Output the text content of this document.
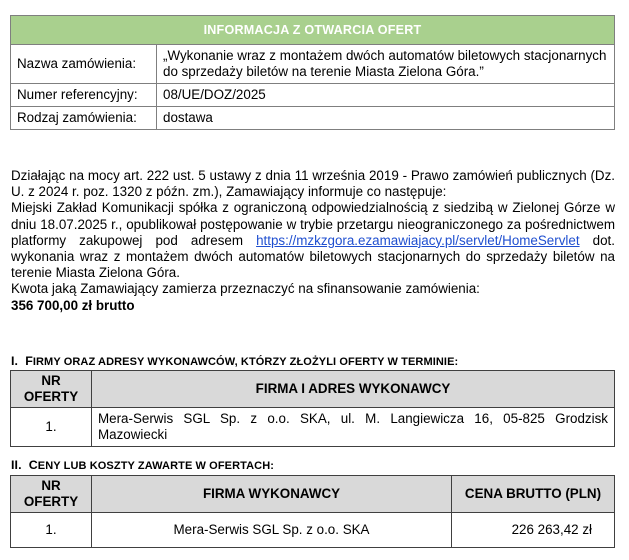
INFORMACJA Z OTWARCIA OFERT	
Nazwa zamówienia:	„Wykonanie wraz z montażem dwóch automatów biletowych stacjonarnych do sprzedaży biletów na terenie Miasta Zielona Góra.”
Numer referencyjny:	08/UE/DOZ/2025
Rodzaj zamówienia:	dostawa

Działając na mocy art. 222 ust. 5 ustawy z dnia 11 września 2019 - Prawo zamówień publicznych (Dz. U. z 2024 r. poz. 1320 z późn. zm.), Zamawiający informuje co następuje:

Miejski Zakład Komunikacji spółka z ograniczoną odpowiedzialnością z siedzibą w Zielonej Górze w dniu 18.07.2025 r., opublikował postępowanie w trybie przetargu nieograniczonego za pośrednictwem platformy zakupowej pod adresem https://mzkzgora.ezamawiajacy.pl/servlet/HomeServlet dot. wykonania wraz z montażem dwóch automatów biletowych stacjonarnych do sprzedaży biletów na terenie Miasta Zielona Góra.

Kwota jaką Zamawiający zamierza przeznaczyć na sfinansowanie zamówienia:

356 700,00 zł brutto

I. FIRMY ORAZ ADRESY WYKONAWCÓW, KTÓRZY ZŁOŻYLI OFERTY W TERMINIE:
NR OFERTY	FIRMA I ADRES WYKONAWCY
1.	Mera-Serwis SGL Sp. z o.o. SKA, ul. M. Langiewicza 16, 05-825 Grodzisk Mazowiecki
II. CENY LUB KOSZTY ZAWARTE W OFERTACH:
NR OFERTY	FIRMA WYKONAWCY	CENA BRUTTO (PLN)
1.	Mera-Serwis SGL Sp. z o.o. SKA	226 263,42 zł
